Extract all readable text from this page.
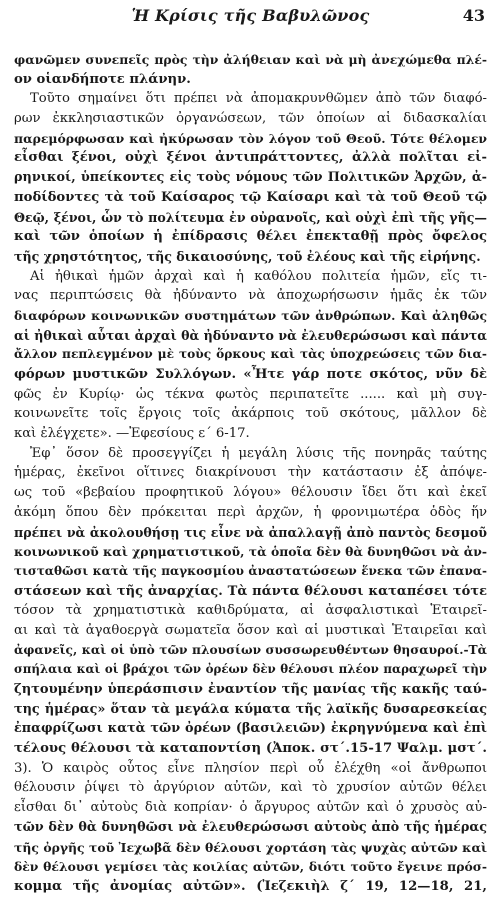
Ἡ Κρίσις τῆς Βαβυλῶνος	43
φανῶμεν συνεπεῖς πρὸς τὴν ἀλήθειαν καὶ νὰ μὴ ἀνεχώμεθα πλέ-
ον οἱανδήποτε πλάνην.
Τοῦτο σημαίνει ὅτι πρέπει νὰ ἀπομακρυνθῶμεν ἀπὸ τῶν διαφό-
ρων ἐκκλησιαστικῶν ὀργανώσεων, τῶν ὁποίων αἱ διδασκαλίαι
παρεμόρφωσαν καὶ ἠκύρωσαν τὸν λόγον τοῦ Θεοῦ. Τότε θέλομεν
εἶσθαι ξένοι, οὐχὶ ξένοι ἀντιπράττοντες, ἀλλὰ πολῖται εἰ-
ρηνικοί, ὑπείκοντες εἰς τοὺς νόμους τῶν Πολιτικῶν Ἀρχῶν, ἀ-
ποδίδοντες τὰ τοῦ Καίσαρος τῷ Καίσαρι καὶ τὰ τοῦ Θεοῦ τῷ
Θεῷ, ξένοι, ὧν τὸ πολίτευμα ἐν οὐρανοῖς, καὶ οὐχὶ ἐπὶ τῆς γῆς—
καὶ τῶν ὁποίων ἡ ἐπίδρασις θέλει ἐπεκταθῇ πρὸς ὄφελος
τῆς χρηστότητος, τῆς δικαιοσύνης, τοῦ ἐλέους καὶ τῆς εἰρήνης.
Αἱ ἠθικαὶ ἡμῶν ἀρχαὶ καὶ ἡ καθόλου πολιτεία ἡμῶν, εἴς τι-
νας περιπτώσεις θὰ ἠδύναντο νὰ ἀποχωρήσωσιν ἡμᾶς ἐκ τῶν
διαφόρων κοινωνικῶν συστημάτων τῶν ἀνθρώπων. Καὶ ἀληθῶς
αἱ ἠθικαὶ αὗται ἀρχαὶ θὰ ἠδύναντο νὰ ἐλευθερώσωσι καὶ πάντα
ἄλλον πεπλεγμένον μὲ τοὺς ὅρκους καὶ τὰς ὑποχρεώσεις τῶν δια-
φόρων μυστικῶν Συλλόγων. «Ἦτε γάρ ποτε σκότος, νῦν δὲ
φῶς ἐν Κυρίῳ· ὡς τέκνα φωτὸς περιπατεῖτε ...... καὶ μὴ συγ-
κοινωνεῖτε τοῖς ἔργοις τοῖς ἀκάρποις τοῦ σκότους, μᾶλλον δὲ
καὶ ἐλέγχετε». —Ἐφεσίους ε΄ 6-17.
Ἐφ᾽ ὅσον δὲ προσεγγίζει ἡ μεγάλη λύσις τῆς πονηρᾶς ταύτης
ἡμέρας, ἐκεῖνοι οἵτινες διακρίνουσι τὴν κατάστασιν ἐξ ἀπόψε-
ως τοῦ «βεβαίου προφητικοῦ λόγου» θέλουσιν ἴδει ὅτι καὶ ἐκεῖ
ἀκόμη ὅπου δὲν πρόκειται περὶ ἀρχῶν, ἡ φρονιμωτέρα ὁδὸς ἥν
πρέπει νὰ ἀκολουθήσῃ τις εἶνε νὰ ἀπαλλαγῇ ἀπὸ παντὸς δεσμοῦ
κοινωνικοῦ καὶ χρηματιστικοῦ, τὰ ὁποῖα δὲν θὰ δυνηθῶσι νὰ ἀν-
τισταθῶσι κατὰ τῆς παγκοσμίου ἀναστατώσεων ἕνεκα τῶν ἐπανα-
στάσεων καὶ τῆς ἀναρχίας. Τὰ πάντα θέλουσι καταπέσει τότε
τόσον τὰ χρηματιστικὰ καθιδρύματα, αἱ ἀσφαλιστικαὶ Ἑταιρεῖ-
αι καὶ τὰ ἀγαθοεργὰ σωματεῖα ὅσον καὶ αἱ μυστικαὶ Ἑταιρεῖαι καὶ
ἀφανεῖς, καὶ οἱ ὑπὸ τῶν πλουσίων συσσωρευθέντων θησαυροί.-Τὰ
σπήλαια καὶ οἱ βράχοι τῶν ὀρέων δὲν θέλουσι πλέον παραχωρεῖ τὴν
ζητουμένην ὑπεράσπισιν ἐναντίον τῆς μανίας τῆς κακῆς ταύ-
της ἡμέρας» ὅταν τὰ μεγάλα κύματα τῆς λαϊκῆς δυσαρεσκείας
ἐπαφρίζωσι κατὰ τῶν ὀρέων (βασιλειῶν) ἐκρηγνύμενα καὶ ἐπὶ
τέλους θέλουσι τὰ καταποντίση (Ἀποκ. στ΄.15-17 Ψαλμ. μστ΄.
3). Ὁ καιρὸς οὗτος εἶνε πλησίον περὶ οὗ ἐλέχθη «οἱ ἄνθρωποι
θέλουσιν ῥίψει τὸ ἀργύριον αὐτῶν, καὶ τὸ χρυσίον αὐτῶν θέλει
εἶσθαι δι᾽ αὐτοὺς διὰ κοπρίαν· ὁ ἄργυρος αὐτῶν καὶ ὁ χρυσὸς αὐ-
τῶν δὲν θὰ δυνηθῶσι νὰ ἐλευθερώσωσι αὐτοὺς ἀπὸ τῆς ἡμέρας
τῆς ὀργῆς τοῦ Ἰεχωβᾶ δὲν θέλουσι χορτάση τὰς ψυχὰς αὐτῶν καὶ
δὲν θέλουσι γεμίσει τὰς κοιλίας αὐτῶν, διότι τοῦτο ἔγεινε πρόσ-
κομμα τῆς ἀνομίας αὐτῶν». (Ἰεζεκιὴλ ζ΄ 19, 12—18, 21,
